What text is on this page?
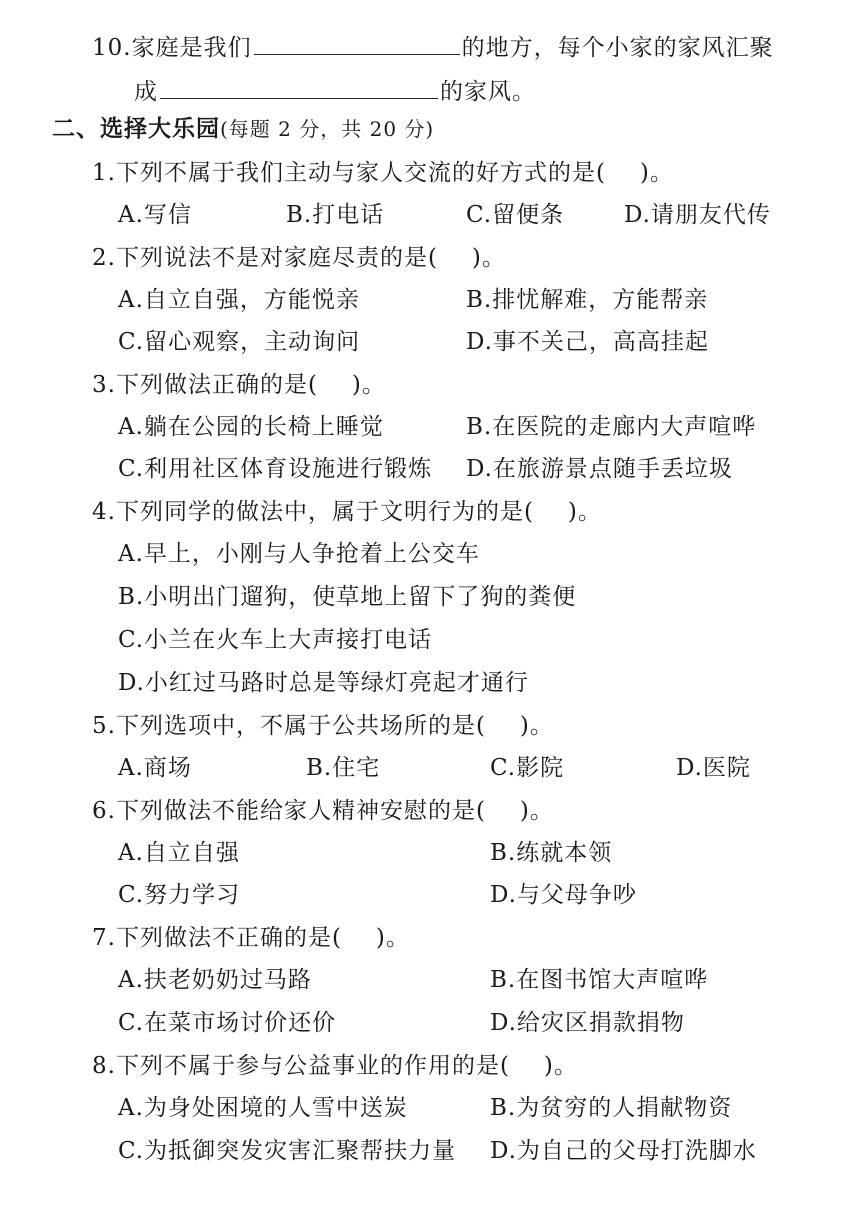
10.家庭是我们	的地方，每个小家的家风汇聚
成	的家风。
二、选择大乐园(每题 2 分，共 20 分)
1.下列不属于我们主动与家人交流的好方式的是( )。
A.写信	B.打电话	C.留便条	D.请朋友代传
2.下列说法不是对家庭尽责的是( )。
A.自立自强，方能悦亲	B.排忧解难，方能帮亲
C.留心观察，主动询问	D.事不关己，高高挂起
3.下列做法正确的是( )。
A.躺在公园的长椅上睡觉	B.在医院的走廊内大声喧哗
C.利用社区体育设施进行锻炼 D.在旅游景点随手丢垃圾
4.下列同学的做法中，属于文明行为的是( )。
A.早上，小刚与人争抢着上公交车
B.小明出门遛狗，使草地上留下了狗的粪便
C.小兰在火车上大声接打电话
D.小红过马路时总是等绿灯亮起才通行
5.下列选项中，不属于公共场所的是( )。
A.商场	B.住宅	C.影院	D.医院
6.下列做法不能给家人精神安慰的是( )。
A.自立自强	B.练就本领
C.努力学习	D.与父母争吵
7.下列做法不正确的是( )。
A.扶老奶奶过马路	B.在图书馆大声喧哗
C.在菜市场讨价还价	D.给灾区捐款捐物
8.下列不属于参与公益事业的作用的是( )。
A.为身处困境的人雪中送炭	B.为贫穷的人捐献物资
C.为抵御突发灾害汇聚帮扶力量 D.为自己的父母打洗脚水
